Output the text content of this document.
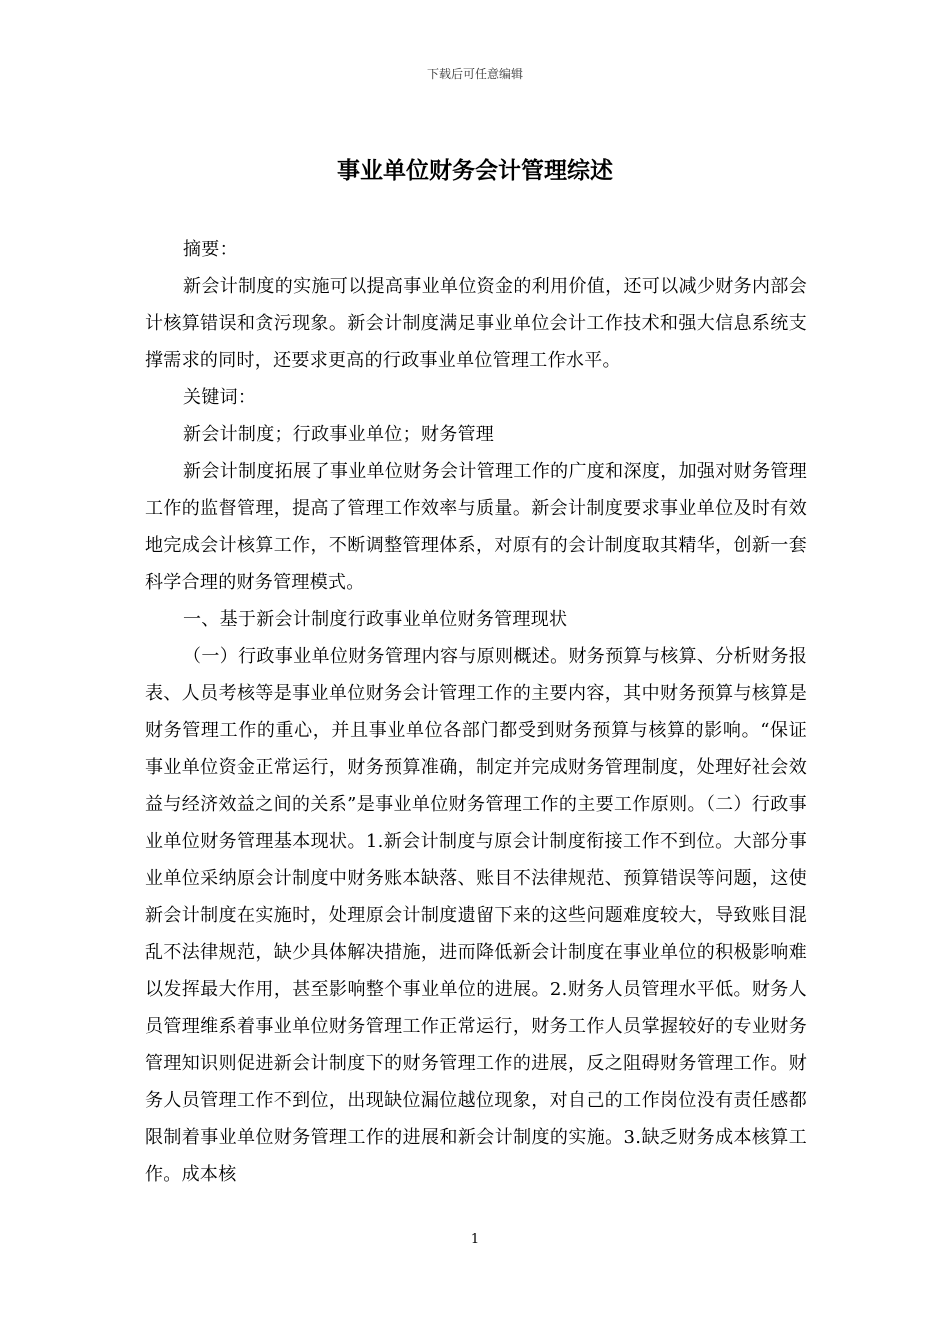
下载后可任意编辑
事业单位财务会计管理综述

摘要：

新会计制度的实施可以提高事业单位资金的利用价值，还可以减少财务内部会计核算错误和贪污现象。新会计制度满足事业单位会计工作技术和强大信息系统支撑需求的同时，还要求更高的行政事业单位管理工作水平。

关键词：

新会计制度；行政事业单位；财务管理

新会计制度拓展了事业单位财务会计管理工作的广度和深度，加强对财务管理工作的监督管理，提高了管理工作效率与质量。新会计制度要求事业单位及时有效地完成会计核算工作，不断调整管理体系，对原有的会计制度取其精华，创新一套科学合理的财务管理模式。

一、基于新会计制度行政事业单位财务管理现状

（一）行政事业单位财务管理内容与原则概述。财务预算与核算、分析财务报表、人员考核等是事业单位财务会计管理工作的主要内容，其中财务预算与核算是财务管理工作的重心，并且事业单位各部门都受到财务预算与核算的影响。“保证事业单位资金正常运行，财务预算准确，制定并完成财务管理制度，处理好社会效益与经济效益之间的关系”是事业单位财务管理工作的主要工作原则。（二）行政事业单位财务管理基本现状。1.新会计制度与原会计制度衔接工作不到位。大部分事业单位采纳原会计制度中财务账本缺落、账目不法律规范、预算错误等问题，这使新会计制度在实施时，处理原会计制度遗留下来的这些问题难度较大，导致账目混乱不法律规范，缺少具体解决措施，进而降低新会计制度在事业单位的积极影响难以发挥最大作用，甚至影响整个事业单位的进展。2.财务人员管理水平低。财务人员管理维系着事业单位财务管理工作正常运行，财务工作人员掌握较好的专业财务管理知识则促进新会计制度下的财务管理工作的进展，反之阻碍财务管理工作。财务人员管理工作不到位，出现缺位漏位越位现象，对自己的工作岗位没有责任感都限制着事业单位财务管理工作的进展和新会计制度的实施。3.缺乏财务成本核算工作。成本核

1
